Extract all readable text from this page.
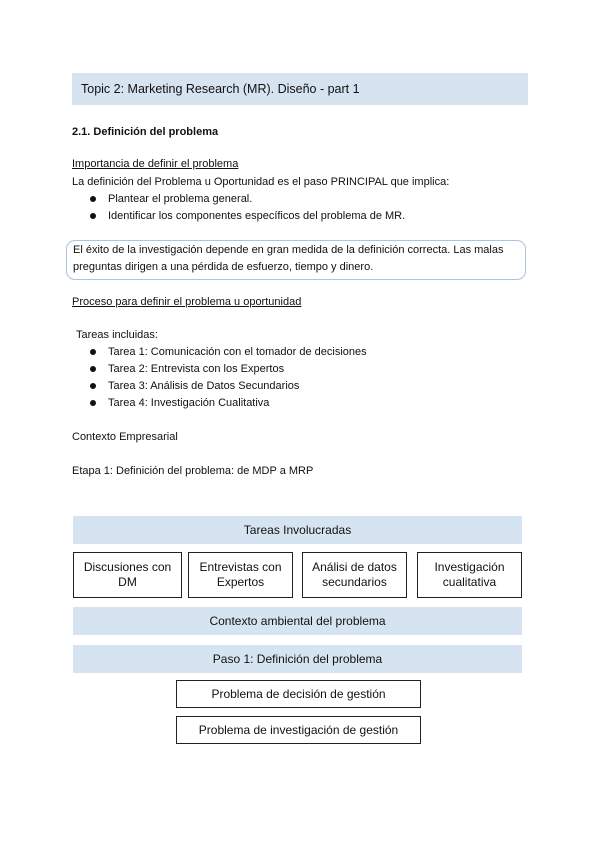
Topic 2: Marketing Research (MR). Diseño - part 1
2.1. Definición del problema
Importancia de definir el problema
La definición del Problema u Oportunidad es el paso PRINCIPAL que implica:
Plantear el problema general.
Identificar los componentes específicos del problema de MR.
El éxito de la investigación depende en gran medida de la definición correcta. Las malas
preguntas dirigen a una pérdida de esfuerzo, tiempo y dinero.
Proceso para definir el problema u oportunidad
Tareas incluidas:
Tarea 1: Comunicación con el tomador de decisiones
Tarea 2: Entrevista con los Expertos
Tarea 3: Análisis de Datos Secundarios
Tarea 4: Investigación Cualitativa
Contexto Empresarial
Etapa 1: Definición del problema: de MDP a MRP
Tareas Involucradas
Discusiones con
DM
Entrevistas con
Expertos
Análisi de datos
secundarios
Investigación
cualitativa
Contexto ambiental del problema
Paso 1: Definición del problema
Problema de decisión de gestión
Problema de investigación de gestión
